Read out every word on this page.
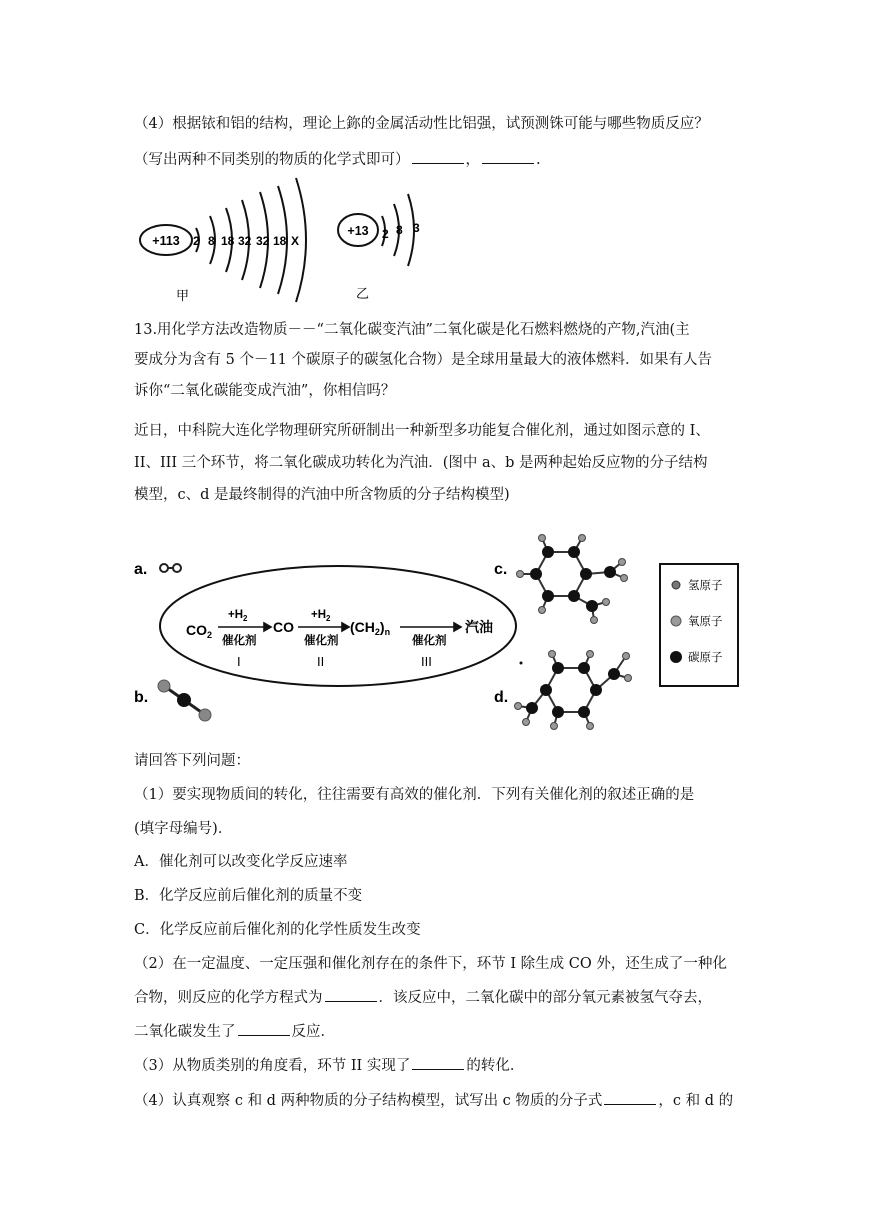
（4）根据铱和铝的结构，理论上鉨的金属活动性比铝强，试预测铢可能与哪些物质反应？
（写出两种不同类别的物质的化学式即可）	，	.
+113 2 8 18 32 32 18 X
甲
+13 2 8 3
乙
13.用化学方法改造物质－－“二氧化碳变汽油”二氧化碳是化石燃料燃烧的产物,汽油(主
要成分为含有 5 个－11 个碳原子的碳氢化合物）是全球用量最大的液体燃料．如果有人告
诉你“二氧化碳能变成汽油”，你相信吗？
近日，中科院大连化学物理研究所研制出一种新型多功能复合催化剂，通过如图示意的 I、
II、III 三个环节，将二氧化碳成功转化为汽油．(图中 a、b 是两种起始反应物的分子结构
模型，c、d 是最终制得的汽油中所含物质的分子结构模型)
a.
$CO_2$	CO	$(CH_2)_n$	汽油
$+H_2$	$+H_2$
催化剂	催化剂	催化剂
I	II	III
b.
c.
d.
氢原子
氧原子
碳原子
请回答下列问题：
（1）要实现物质间的转化，往往需要有高效的催化剂．下列有关催化剂的叙述正确的是
(填字母编号)．
A．催化剂可以改变化学反应速率
B．化学反应前后催化剂的质量不变
C．化学反应前后催化剂的化学性质发生改变
（2）在一定温度、一定压强和催化剂存在的条件下，环节 I 除生成 CO 外，还生成了一种化
合物，则反应的化学方程式为	．该反应中，二氧化碳中的部分氧元素被氢气夺去，
二氧化碳发生了	反应．
（3）从物质类别的角度看，环节 II 实现了	的转化．
（4）认真观察 c 和 d 两种物质的分子结构模型，试写出 c 物质的分子式	，c 和 d 的
